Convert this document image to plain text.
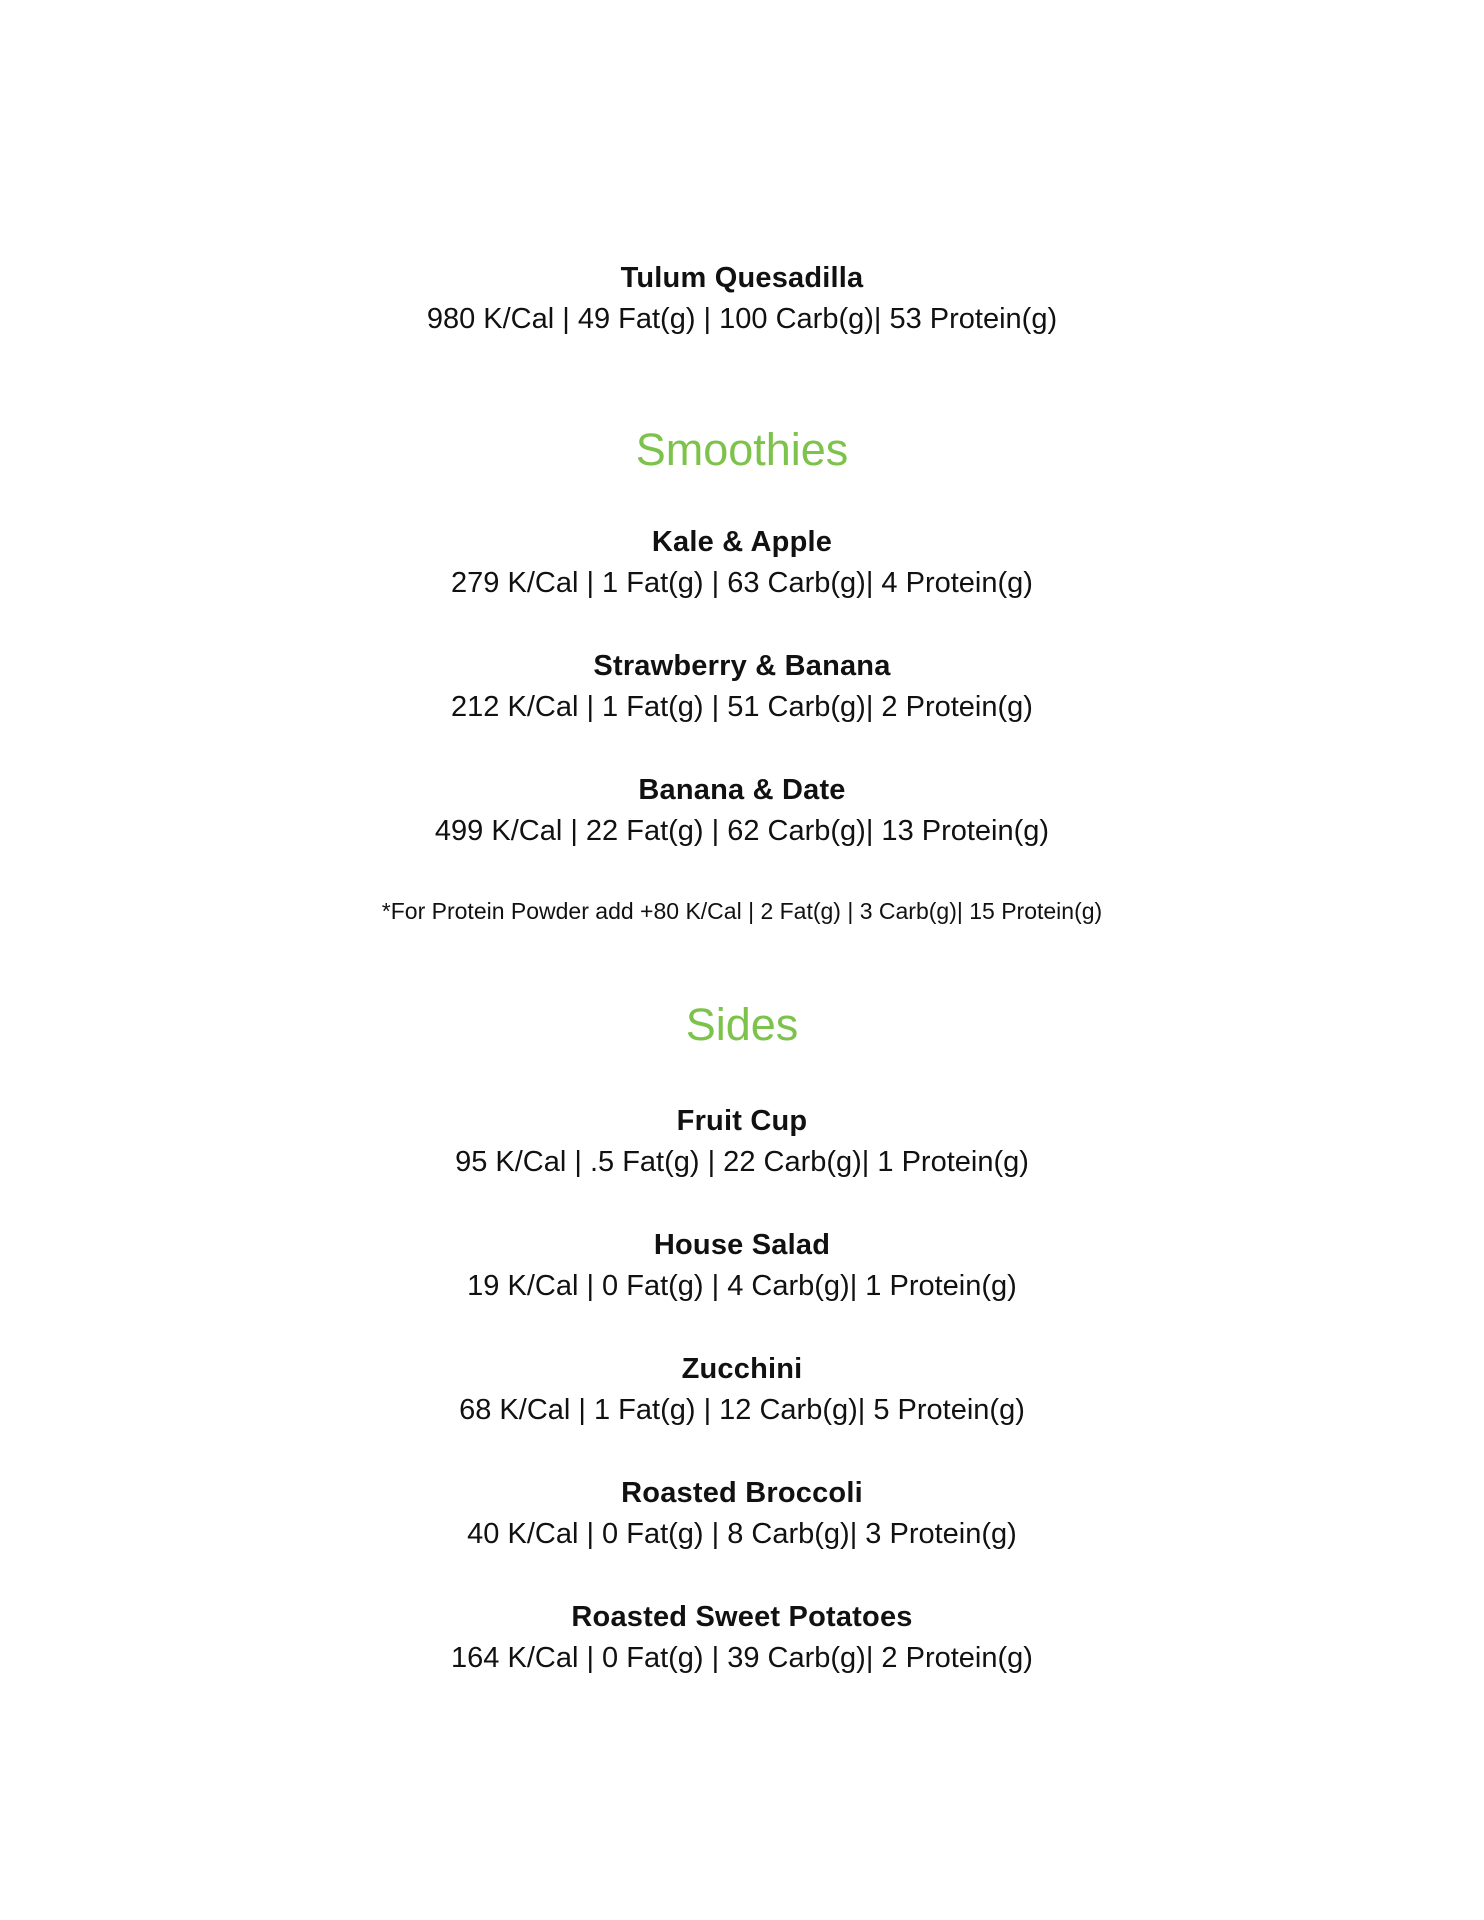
Tulum Quesadilla
980 K/Cal | 49 Fat(g) | 100 Carb(g)| 53 Protein(g)
Smoothies
Kale & Apple
279 K/Cal | 1 Fat(g) | 63 Carb(g)| 4 Protein(g)
Strawberry & Banana
212 K/Cal | 1 Fat(g) | 51 Carb(g)| 2 Protein(g)
Banana & Date
499 K/Cal | 22 Fat(g) | 62 Carb(g)| 13 Protein(g)
*For Protein Powder add +80 K/Cal | 2 Fat(g) | 3 Carb(g)| 15 Protein(g)
Sides
Fruit Cup
95 K/Cal | .5 Fat(g) | 22 Carb(g)| 1 Protein(g)
House Salad
19 K/Cal | 0 Fat(g) | 4 Carb(g)| 1 Protein(g)
Zucchini
68 K/Cal | 1 Fat(g) | 12 Carb(g)| 5 Protein(g)
Roasted Broccoli
40 K/Cal | 0 Fat(g) | 8 Carb(g)| 3 Protein(g)
Roasted Sweet Potatoes
164 K/Cal | 0 Fat(g) | 39 Carb(g)| 2 Protein(g)
